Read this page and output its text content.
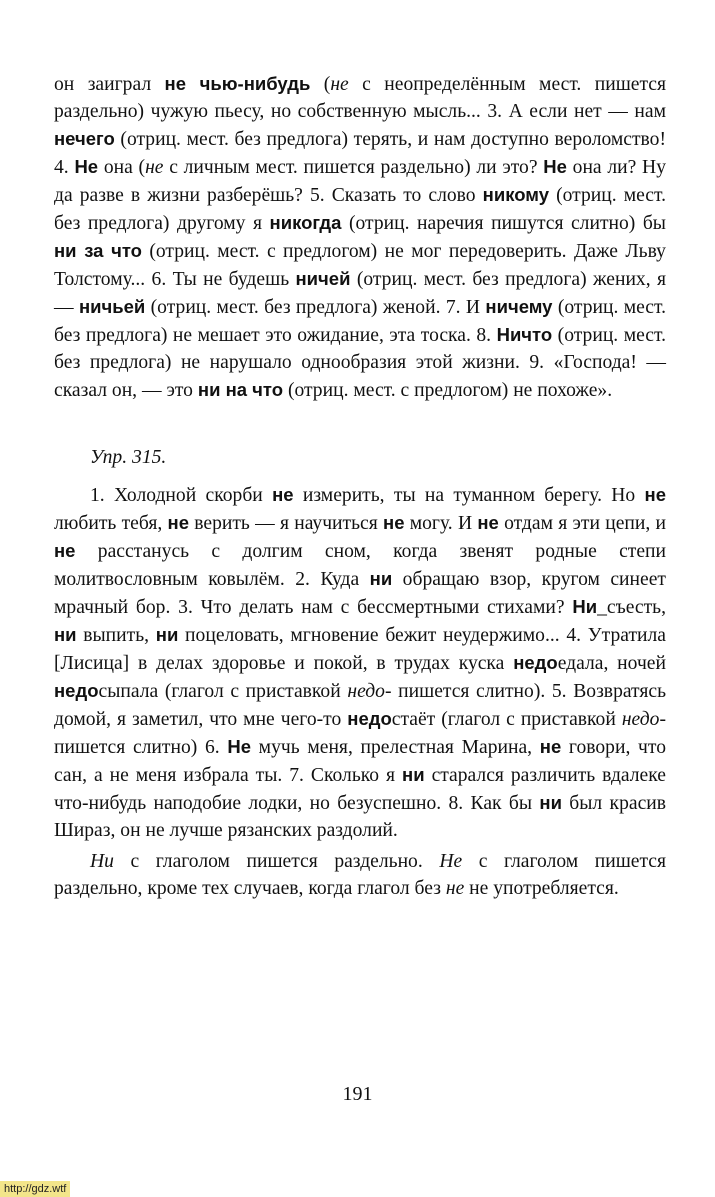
он заиграл не чью-нибудь (не с неопределённым мест. пишется раздельно) чужую пьесу, но собственную мысль... 3. А если нет — нам нечего (отриц. мест. без предлога) терять, и нам доступно вероломство! 4. Не она (не с личным мест. пишется раздельно) ли это? Не она ли? Ну да разве в жизни разберёшь? 5. Сказать то слово никому (отриц. мест. без предлога) другому я никогда (отриц. наречия пишутся слитно) бы ни за что (отриц. мест. с предлогом) не мог передоверить. Даже Льву Толстому... 6. Ты не будешь ничей (отриц. мест. без предлога) жених, я — ничьей (отриц. мест. без предлога) женой. 7. И ничему (отриц. мест. без предлога) не мешает это ожидание, эта тоска. 8. Ничто (отриц. мест. без предлога) не нарушало однообразия этой жизни. 9. «Господа! — сказал он, — это ни на что (отриц. мест. с предлогом) не похоже».

Упр. 315.

1. Холодной скорби не измерить, ты на туманном берегу. Но не любить тебя, не верить — я научиться не могу. И не отдам я эти цепи, и не расстанусь с долгим сном, когда звенят родные степи молитвословным ковылём. 2. Куда ни обращаю взор, кругом синеет мрачный бор. 3. Что делать нам с бессмертными стихами? Ни_съесть, ни выпить, ни поцеловать, мгновение бежит неудержимо... 4. Утратила [Лисица] в делах здоровье и покой, в трудах куска недоедала, ночей недосыпала (глагол с приставкой недо- пишется слитно). 5. Возвратясь домой, я заметил, что мне чего-то недостаёт (глагол с приставкой недо- пишется слитно) 6. Не мучь меня, прелестная Марина, не говори, что сан, а не меня избрала ты. 7. Сколько я ни старался различить вдалеке что-нибудь наподобие лодки, но безуспешно. 8. Как бы ни был красив Шираз, он не лучше рязанских раздолий.

Ни с глаголом пишется раздельно. Не с глаголом пишется раздельно, кроме тех случаев, когда глагол без не не употребляется.

191
http://gdz.wtf
